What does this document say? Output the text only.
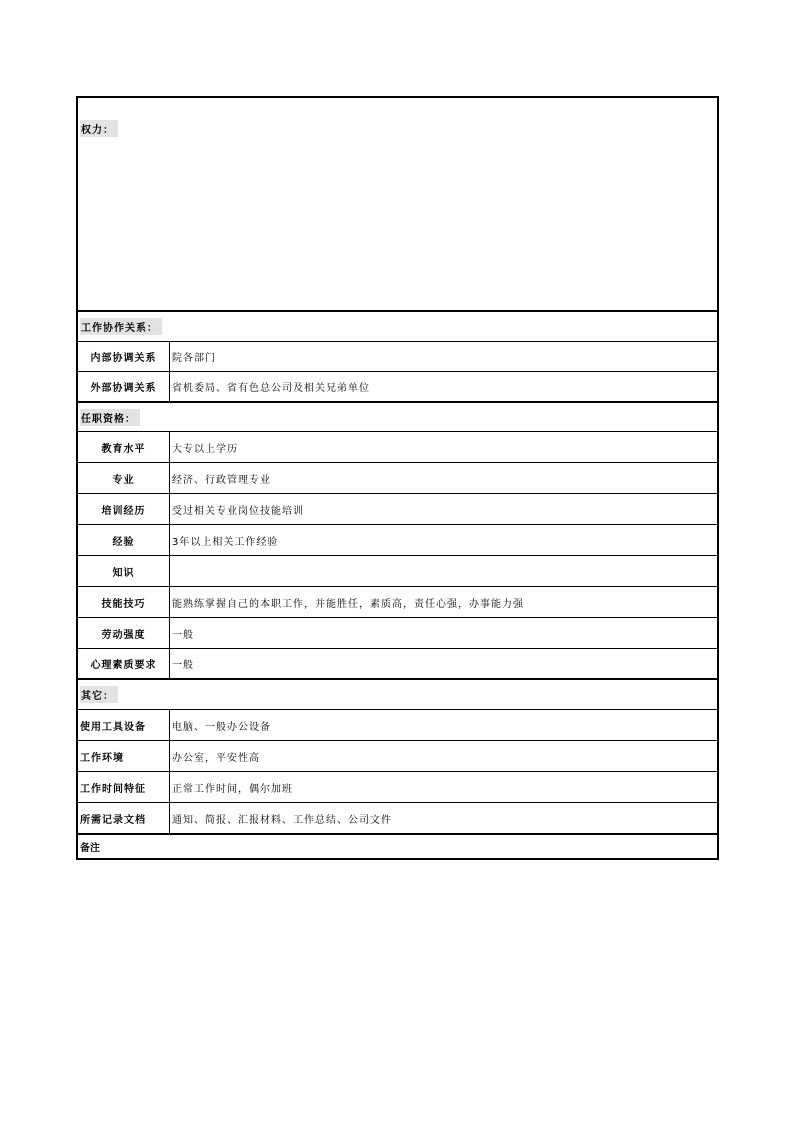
权力：
工作协作关系：
内部协调关系	院各部门
外部协调关系	省机委局、省有色总公司及相关兄弟单位
任职资格：
教育水平	大专以上学历
专业	经济、行政管理专业
培训经历	受过相关专业岗位技能培训
经验	3年以上相关工作经验
知识
技能技巧	能熟练掌握自己的本职工作，并能胜任，素质高，责任心强，办事能力强
劳动强度	一般
心理素质要求	一般
其它：
使用工具设备	电脑、一般办公设备
工作环境	办公室，平安性高
工作时间特征	正常工作时间，偶尔加班
所需记录文档	通知、简报、汇报材料、工作总结、公司文件
备注
